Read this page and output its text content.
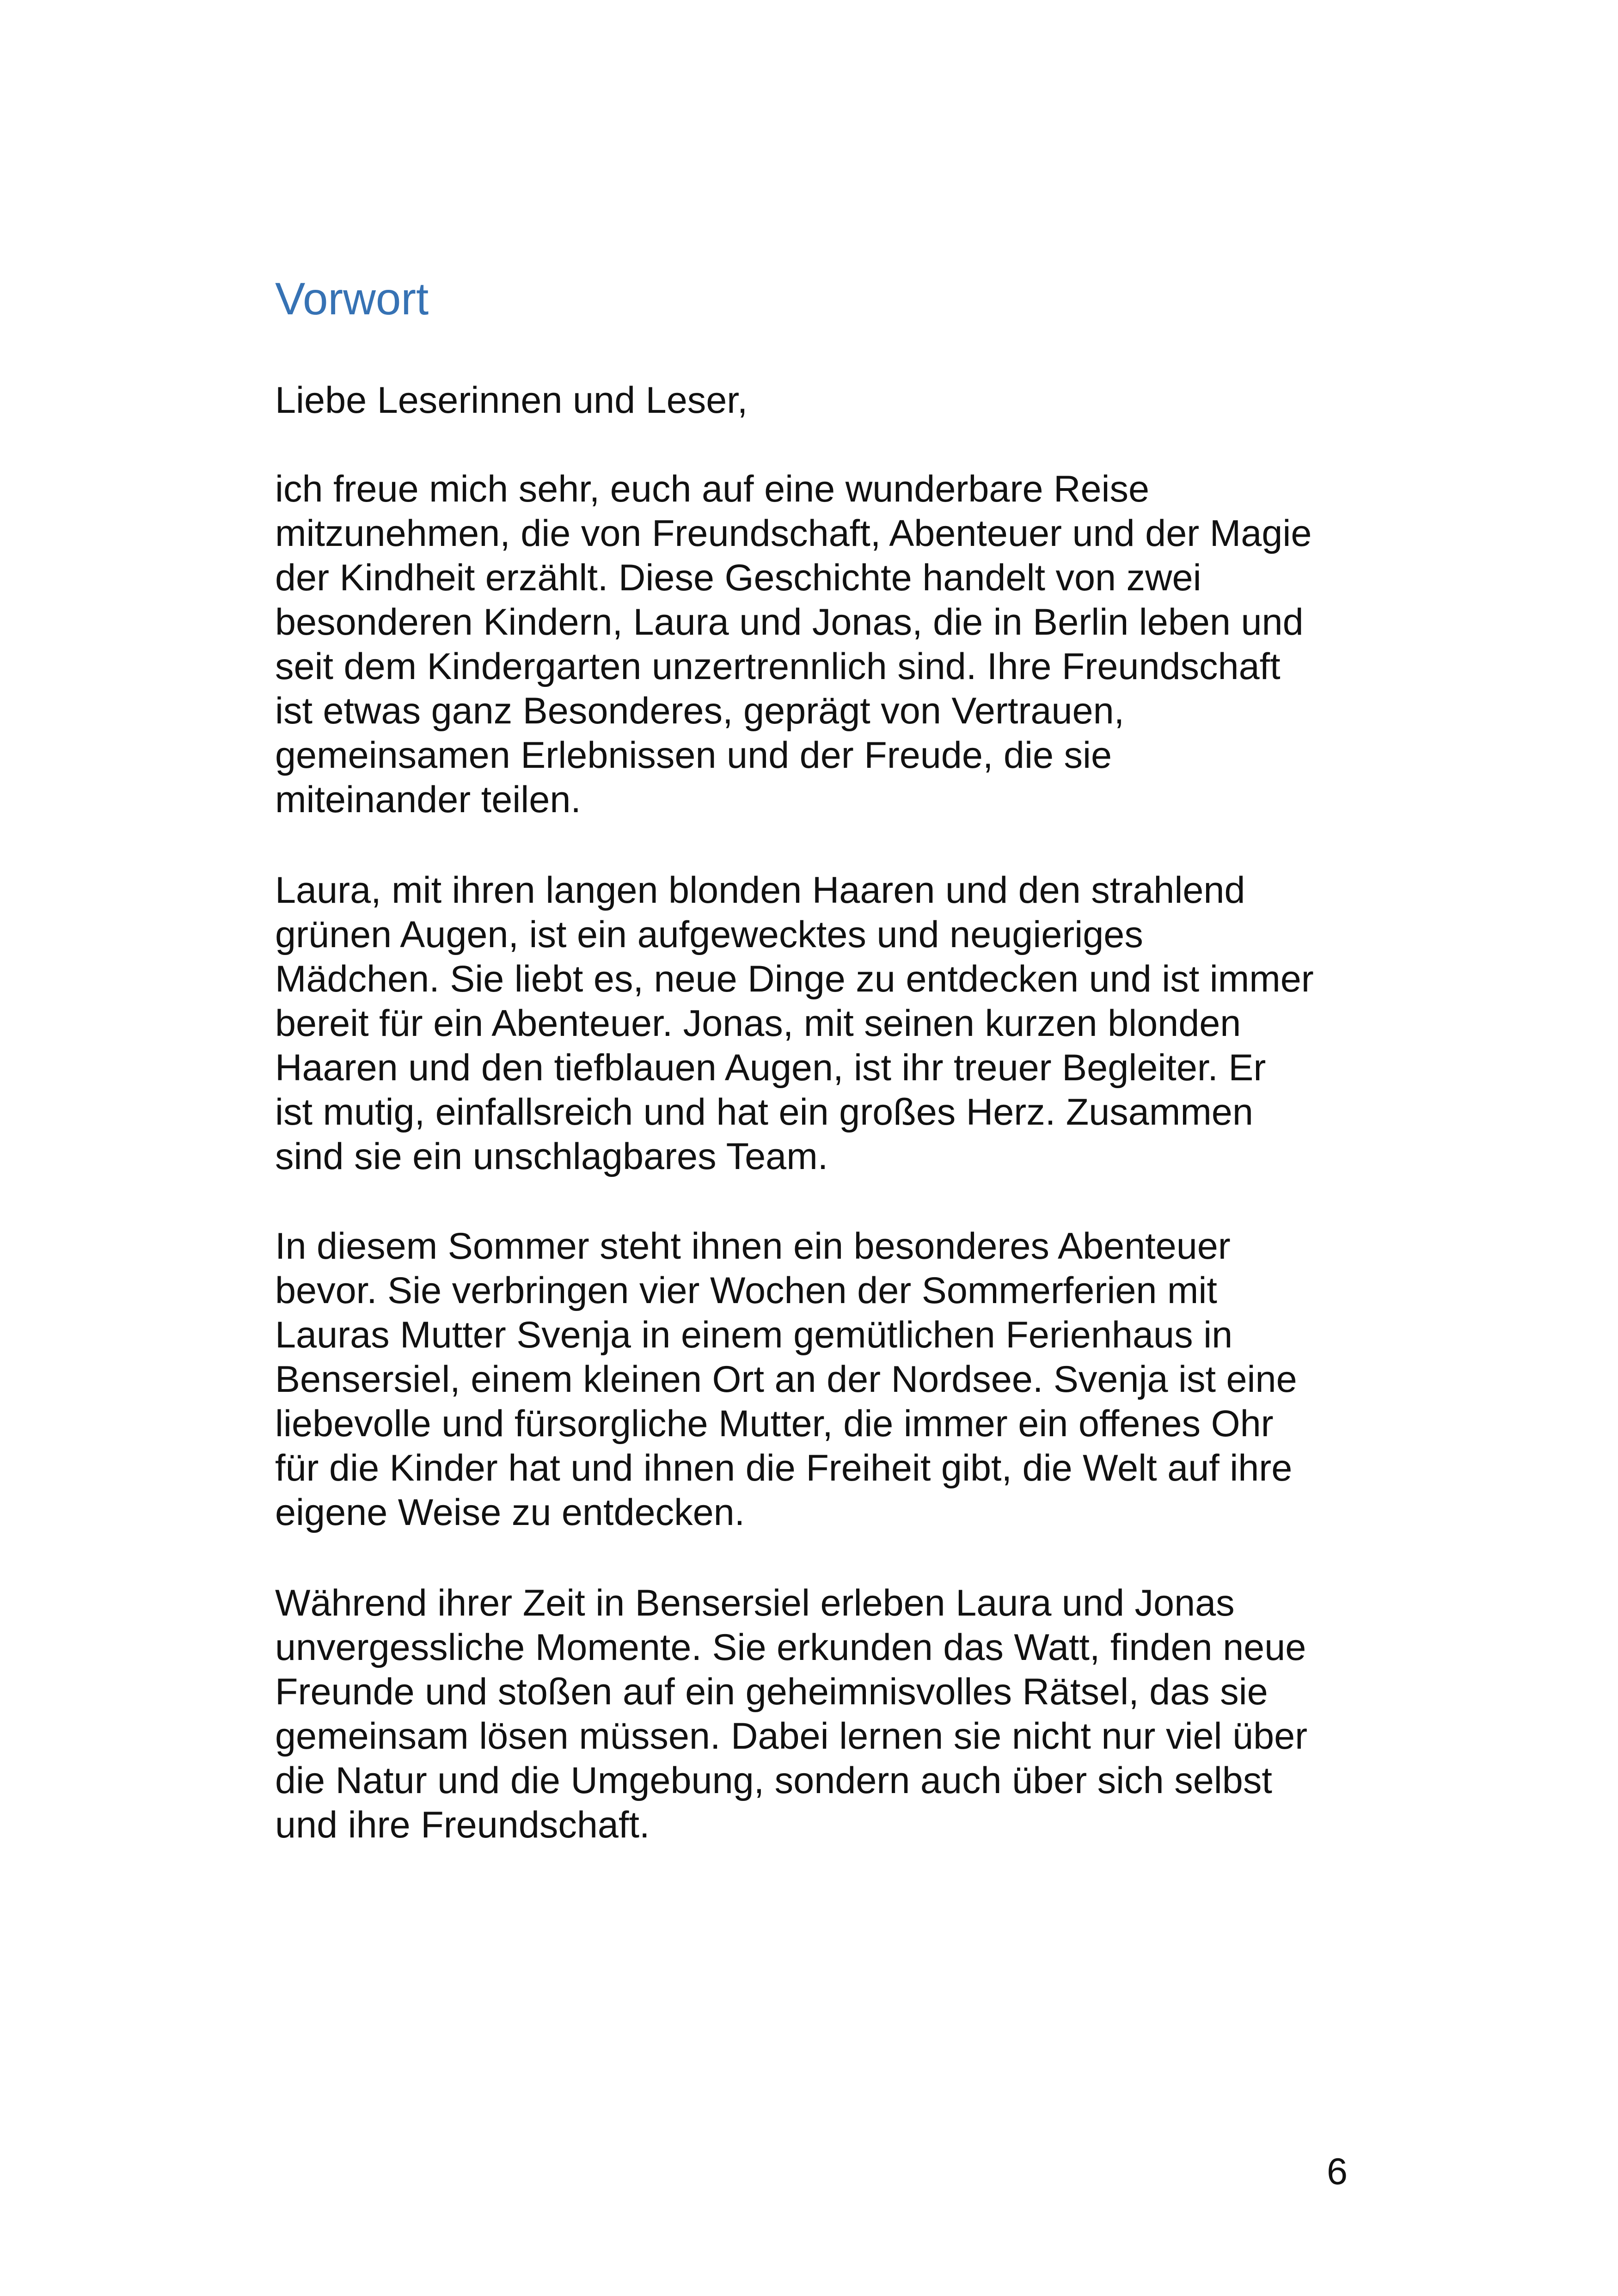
Vorwort

Liebe Leserinnen und Leser,

ich freue mich sehr, euch auf eine wunderbare Reise
mitzunehmen, die von Freundschaft, Abenteuer und der Magie
der Kindheit erzählt. Diese Geschichte handelt von zwei
besonderen Kindern, Laura und Jonas, die in Berlin leben und
seit dem Kindergarten unzertrennlich sind. Ihre Freundschaft
ist etwas ganz Besonderes, geprägt von Vertrauen,
gemeinsamen Erlebnissen und der Freude, die sie
miteinander teilen.
Laura, mit ihren langen blonden Haaren und den strahlend
grünen Augen, ist ein aufgewecktes und neugieriges
Mädchen. Sie liebt es, neue Dinge zu entdecken und ist immer
bereit für ein Abenteuer. Jonas, mit seinen kurzen blonden
Haaren und den tiefblauen Augen, ist ihr treuer Begleiter. Er
ist mutig, einfallsreich und hat ein großes Herz. Zusammen
sind sie ein unschlagbares Team.
In diesem Sommer steht ihnen ein besonderes Abenteuer
bevor. Sie verbringen vier Wochen der Sommerferien mit
Lauras Mutter Svenja in einem gemütlichen Ferienhaus in
Bensersiel, einem kleinen Ort an der Nordsee. Svenja ist eine
liebevolle und fürsorgliche Mutter, die immer ein offenes Ohr
für die Kinder hat und ihnen die Freiheit gibt, die Welt auf ihre
eigene Weise zu entdecken.
Während ihrer Zeit in Bensersiel erleben Laura und Jonas
unvergessliche Momente. Sie erkunden das Watt, finden neue
Freunde und stoßen auf ein geheimnisvolles Rätsel, das sie
gemeinsam lösen müssen. Dabei lernen sie nicht nur viel über
die Natur und die Umgebung, sondern auch über sich selbst
und ihre Freundschaft.

6
